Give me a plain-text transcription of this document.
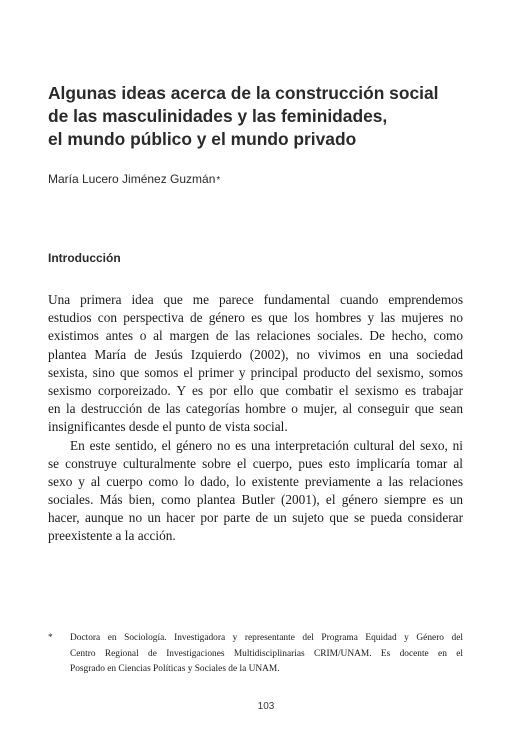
Algunas ideas acerca de la construcción social
de las masculinidades y las feminidades,
el mundo público y el mundo privado
María Lucero Jiménez Guzmán*
Introducción
Una primera idea que me parece fundamental cuando emprendemos
estudios con perspectiva de género es que los hombres y las mujeres no
existimos antes o al margen de las relaciones sociales. De hecho, como
plantea María de Jesús Izquierdo (2002), no vivimos en una sociedad
sexista, sino que somos el primer y principal producto del sexismo, somos
sexismo corporeizado. Y es por ello que combatir el sexismo es trabajar
en la destrucción de las categorías hombre o mujer, al conseguir que sean
insignificantes desde el punto de vista social.
En este sentido, el género no es una interpretación cultural del sexo, ni
se construye culturalmente sobre el cuerpo, pues esto implicaría tomar al
sexo y al cuerpo como lo dado, lo existente previamente a las relaciones
sociales. Más bien, como plantea Butler (2001), el género siempre es un
hacer, aunque no un hacer por parte de un sujeto que se pueda considerar
preexistente a la acción.
* Doctora en Sociología. Investigadora y representante del Programa Equidad y Género del
Centro Regional de Investigaciones Multidisciplinarias CRIM/UNAM. Es docente en el
Posgrado en Ciencias Políticas y Sociales de la UNAM.
103
